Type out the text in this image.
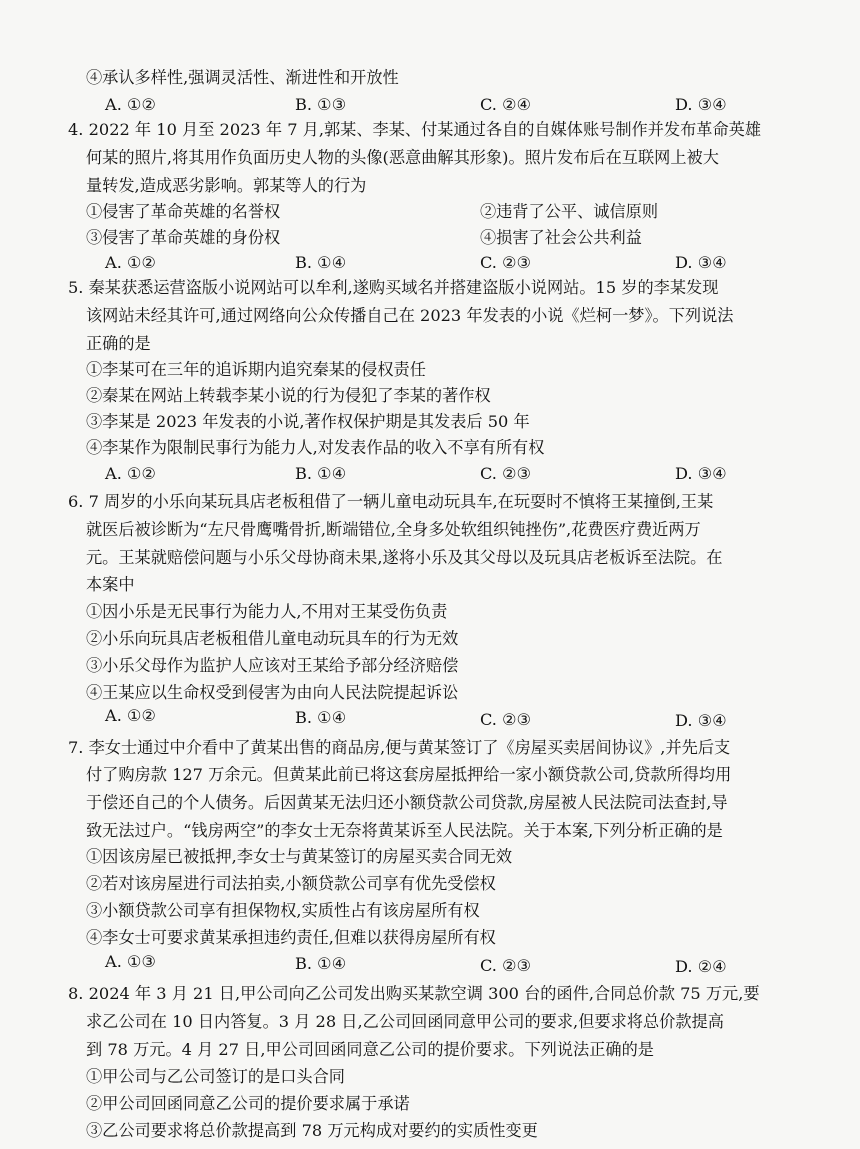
④承认多样性,强调灵活性、渐进性和开放性
A. ①②	B. ①③	C. ②④	D. ③④
4. 2022 年 10 月至 2023 年 7 月,郭某、李某、付某通过各自的自媒体账号制作并发布革命英雄
何某的照片,将其用作负面历史人物的头像(恶意曲解其形象)。照片发布后在互联网上被大
量转发,造成恶劣影响。郭某等人的行为
①侵害了革命英雄的名誉权	②违背了公平、诚信原则
③侵害了革命英雄的身份权	④损害了社会公共利益
A. ①②	B. ①④	C. ②③	D. ③④
5. 秦某获悉运营盗版小说网站可以牟利,遂购买域名并搭建盗版小说网站。15 岁的李某发现
该网站未经其许可,通过网络向公众传播自己在 2023 年发表的小说《烂柯一梦》。下列说法
正确的是
①李某可在三年的追诉期内追究秦某的侵权责任
②秦某在网站上转载李某小说的行为侵犯了李某的著作权
③李某是 2023 年发表的小说,著作权保护期是其发表后 50 年
④李某作为限制民事行为能力人,对发表作品的收入不享有所有权
A. ①②	B. ①④	C. ②③	D. ③④
6. 7 周岁的小乐向某玩具店老板租借了一辆儿童电动玩具车,在玩耍时不慎将王某撞倒,王某
就医后被诊断为“左尺骨鹰嘴骨折,断端错位,全身多处软组织钝挫伤”,花费医疗费近两万
元。王某就赔偿问题与小乐父母协商未果,遂将小乐及其父母以及玩具店老板诉至法院。在
本案中
①因小乐是无民事行为能力人,不用对王某受伤负责
②小乐向玩具店老板租借儿童电动玩具车的行为无效
③小乐父母作为监护人应该对王某给予部分经济赔偿
④王某应以生命权受到侵害为由向人民法院提起诉讼
A. ①②	B. ①④	C. ②③	D. ③④
7. 李女士通过中介看中了黄某出售的商品房,便与黄某签订了《房屋买卖居间协议》,并先后支
付了购房款 127 万余元。但黄某此前已将这套房屋抵押给一家小额贷款公司,贷款所得均用
于偿还自己的个人债务。后因黄某无法归还小额贷款公司贷款,房屋被人民法院司法查封,导
致无法过户。“钱房两空”的李女士无奈将黄某诉至人民法院。关于本案,下列分析正确的是
①因该房屋已被抵押,李女士与黄某签订的房屋买卖合同无效
②若对该房屋进行司法拍卖,小额贷款公司享有优先受偿权
③小额贷款公司享有担保物权,实质性占有该房屋所有权
④李女士可要求黄某承担违约责任,但难以获得房屋所有权
A. ①③	B. ①④	C. ②③	D. ②④
8. 2024 年 3 月 21 日,甲公司向乙公司发出购买某款空调 300 台的函件,合同总价款 75 万元,要
求乙公司在 10 日内答复。3 月 28 日,乙公司回函同意甲公司的要求,但要求将总价款提高
到 78 万元。4 月 27 日,甲公司回函同意乙公司的提价要求。下列说法正确的是
①甲公司与乙公司签订的是口头合同
②甲公司回函同意乙公司的提价要求属于承诺
③乙公司要求将总价款提高到 78 万元构成对要约的实质性变更
